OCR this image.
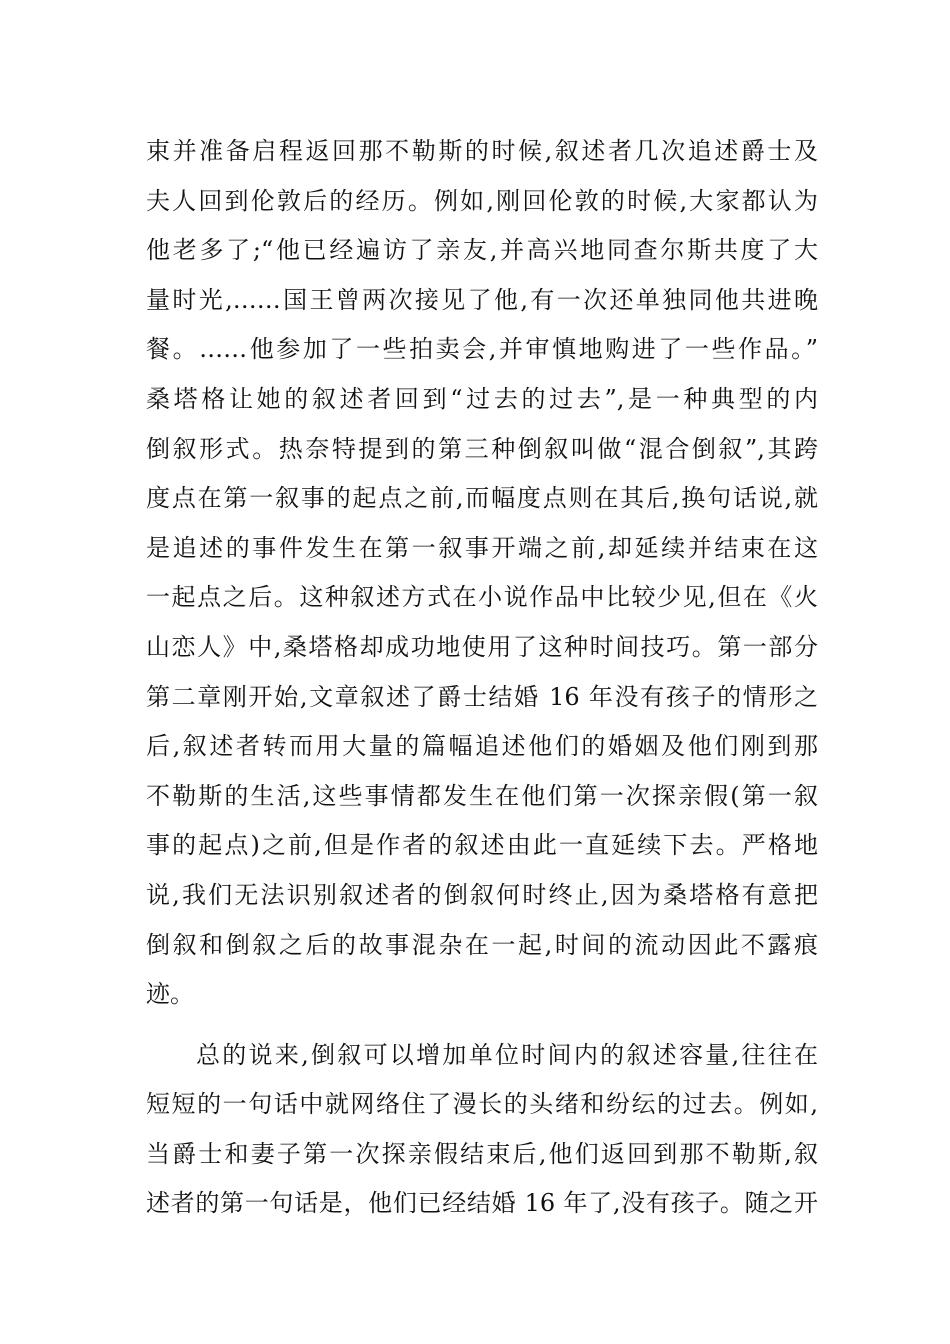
束并准备启程返回那不勒斯的时候,叙述者几次追述爵士及
夫人回到伦敦后的经历。例如,刚回伦敦的时候,大家都认为
他老多了;“他已经遍访了亲友,并高兴地同查尔斯共度了大
量时光,……国王曾两次接见了他,有一次还单独同他共进晚
餐。……他参加了一些拍卖会,并审慎地购进了一些作品。”
桑塔格让她的叙述者回到“过去的过去”,是一种典型的内
倒叙形式。热奈特提到的第三种倒叙叫做“混合倒叙”,其跨
度点在第一叙事的起点之前,而幅度点则在其后,换句话说,就
是追述的事件发生在第一叙事开端之前,却延续并结束在这
一起点之后。这种叙述方式在小说作品中比较少见,但在《火
山恋人》中,桑塔格却成功地使用了这种时间技巧。第一部分
第二章刚开始,文章叙述了爵士结婚 16 年没有孩子的情形之
后,叙述者转而用大量的篇幅追述他们的婚姻及他们刚到那
不勒斯的生活,这些事情都发生在他们第一次探亲假(第一叙
事的起点)之前,但是作者的叙述由此一直延续下去。严格地
说,我们无法识别叙述者的倒叙何时终止,因为桑塔格有意把
倒叙和倒叙之后的故事混杂在一起,时间的流动因此不露痕
迹。
总的说来,倒叙可以增加单位时间内的叙述容量,往往在
短短的一句话中就网络住了漫长的头绪和纷纭的过去。例如,
当爵士和妻子第一次探亲假结束后,他们返回到那不勒斯,叙
述者的第一句话是，他们已经结婚 16 年了,没有孩子。随之开
